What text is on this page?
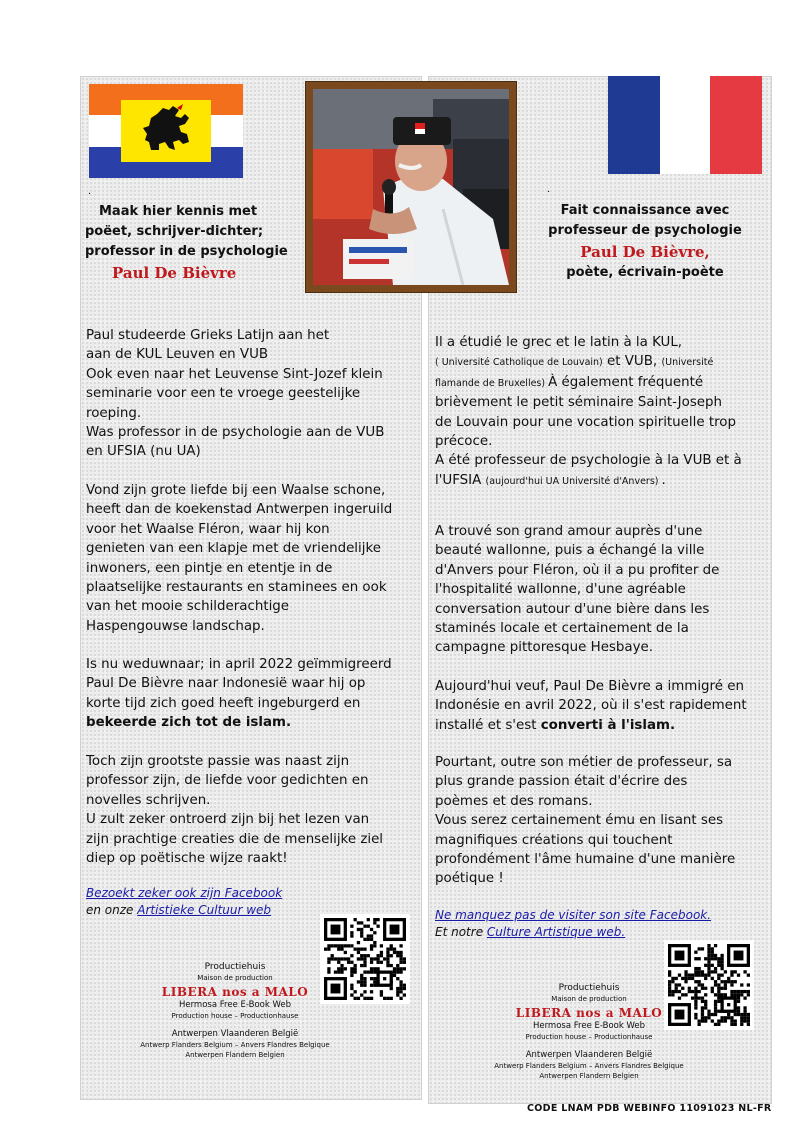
.	.
Maak hier kennis met
poëet, schrijver-dichter;
professor in de psychologie
Paul De Bièvre
Fait connaissance avec
professeur de psychologie
Paul De Bièvre,
poète, écrivain-poète

Paul studeerde Grieks Latijn aan het
aan de KUL Leuven en VUB
Ook even naar het Leuvense Sint-Jozef klein
seminarie voor een te vroege geestelijke
roeping.
Was professor in de psychologie aan de VUB
en UFSIA (nu UA)

Vond zijn grote liefde bij een Waalse schone,
heeft dan de koekenstad Antwerpen ingeruild
voor het Waalse Fléron, waar hij kon
genieten van een klapje met de vriendelijke
inwoners, een pintje en etentje in de
plaatselijke restaurants en staminees en ook
van het mooie schilderachtige
Haspengouwse landschap.

Is nu weduwnaar; in april 2022 geïmmigreerd
Paul De Bièvre naar Indonesië waar hij op
korte tijd zich goed heeft ingeburgerd en
bekeerde zich tot de islam.

Toch zijn grootste passie was naast zijn
professor zijn, de liefde voor gedichten en
novelles schrijven.
U zult zeker ontroerd zijn bij het lezen van
zijn prachtige creaties die de menselijke ziel
diep op poëtische wijze raakt!

Bezoekt zeker ook zijn Facebook
en onze Artistieke Cultuur web

Il a étudié le grec et le latin à la KUL,
( Université Catholique de Louvain) et VUB, (Université
flamande de Bruxelles) À également fréquenté
brièvement le petit séminaire Saint-Joseph
de Louvain pour une vocation spirituelle trop
précoce.
A été professeur de psychologie à la VUB et à
l'UFSIA (aujourd'hui UA Université d'Anvers) .

A trouvé son grand amour auprès d'une
beauté wallonne, puis a échangé la ville
d'Anvers pour Fléron, où il a pu profiter de
l'hospitalité wallonne, d'une agréable
conversation autour d'une bière dans les
staminés locale et certainement de la
campagne pittoresque Hesbaye.

Aujourd'hui veuf, Paul De Bièvre a immigré en
Indonésie en avril 2022, où il s'est rapidement
installé et s'est converti à l'islam.

Pourtant, outre son métier de professeur, sa
plus grande passion était d'écrire des
poèmes et des romans.
Vous serez certainement ému en lisant ses
magnifiques créations qui touchent
profondément l'âme humaine d'une manière
poétique !

Ne manquez pas de visiter son site Facebook.
Et notre Culture Artistique web.
Productiehuis
Maison de production
LIBERA nos a MALO
Hermosa Free E-Book Web
Production house – Productionhause
Antwerpen Vlaanderen België
Antwerp Flanders Belgium – Anvers Flandres Belgique
Antwerpen Flandern Belgien
Productiehuis
Maison de production
LIBERA nos a MALO
Hermosa Free E-Book Web
Production house – Productionhause
Antwerpen Vlaanderen België
Antwerp Flanders Belgium – Anvers Flandres Belgique
Antwerpen Flandern Belgien
CODE LNAM PDB WEBINFO 11091023 NL-FR
